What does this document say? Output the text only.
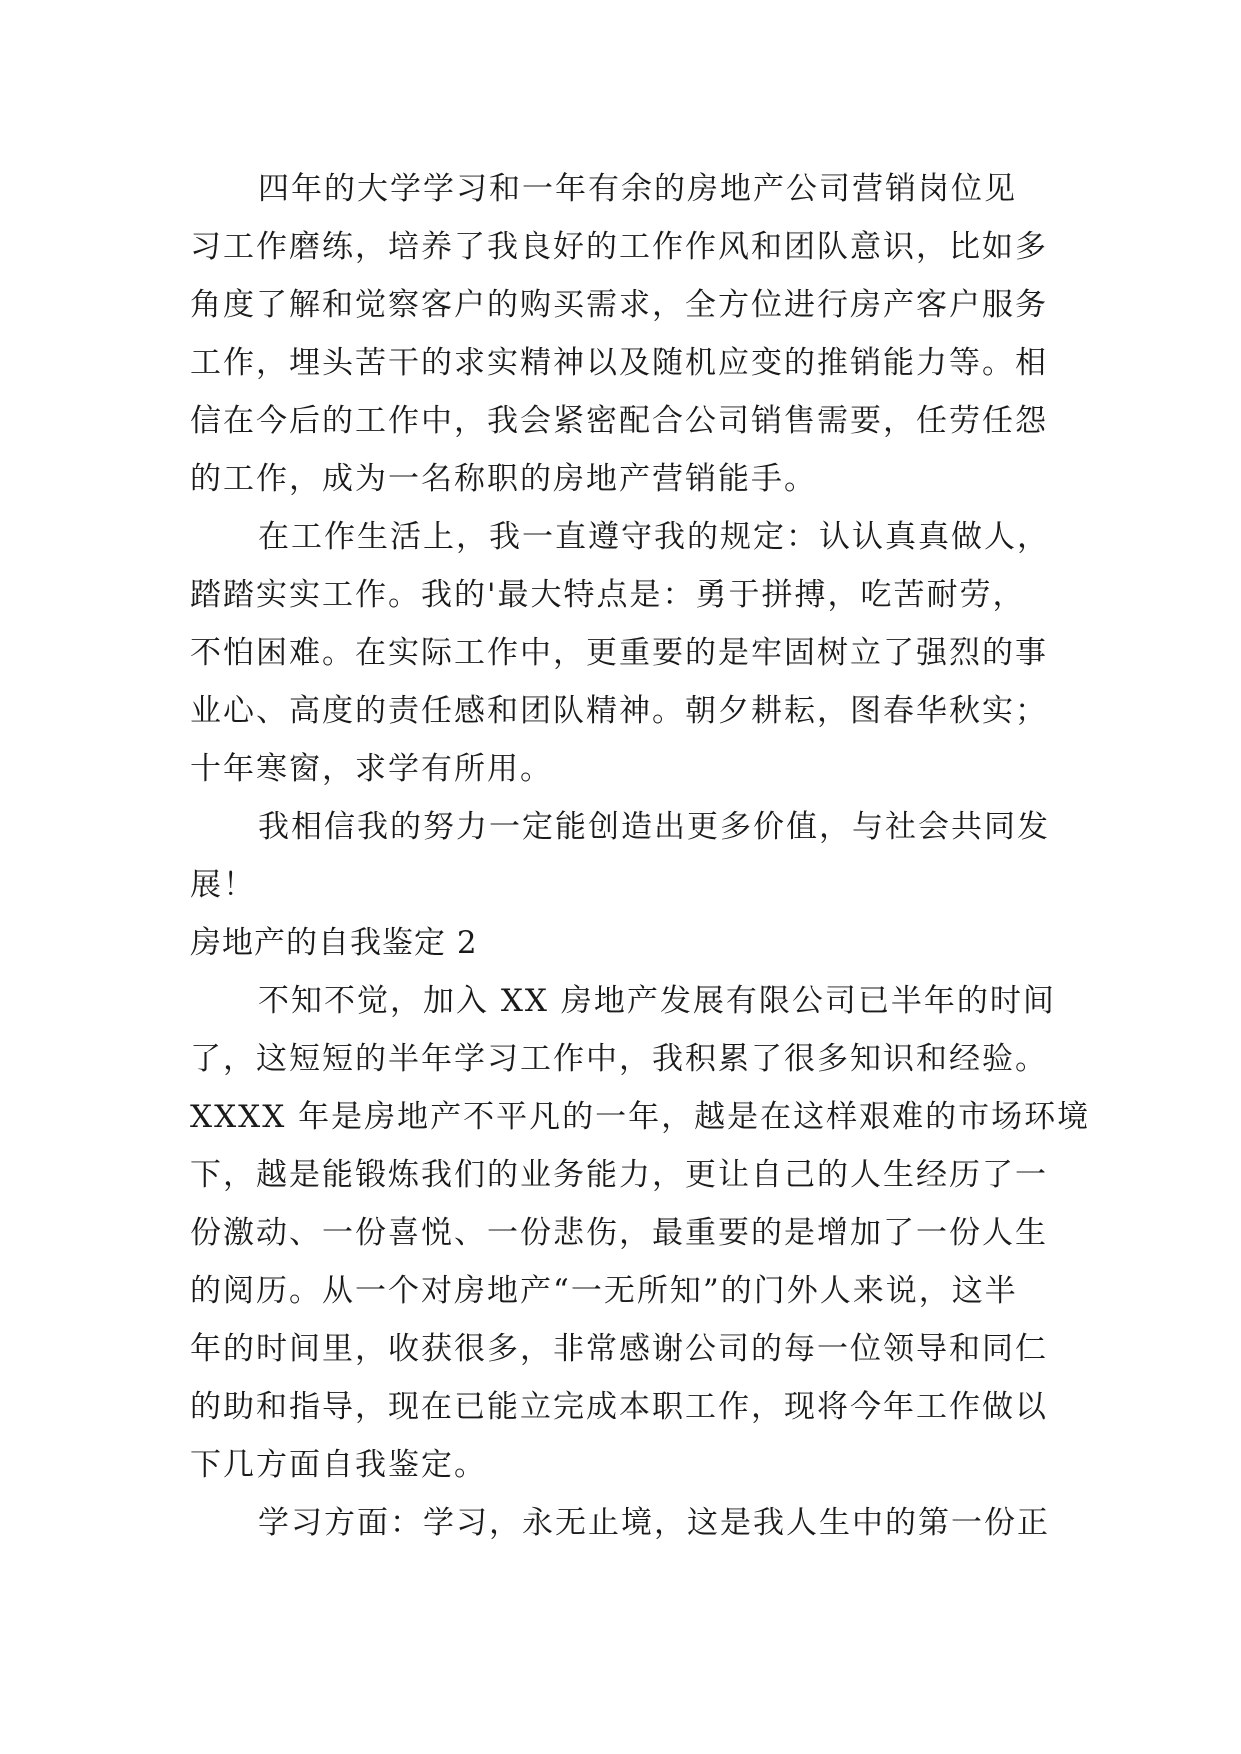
四年的大学学习和一年有余的房地产公司营销岗位见
习工作磨练，培养了我良好的工作作风和团队意识，比如多
角度了解和觉察客户的购买需求，全方位进行房产客户服务
工作，埋头苦干的求实精神以及随机应变的推销能力等。相
信在今后的工作中，我会紧密配合公司销售需要，任劳任怨
的工作，成为一名称职的房地产营销能手。
在工作生活上，我一直遵守我的规定：认认真真做人，
踏踏实实工作。我的'最大特点是：勇于拼搏，吃苦耐劳，
不怕困难。在实际工作中，更重要的是牢固树立了强烈的事
业心、高度的责任感和团队精神。朝夕耕耘，图春华秋实；
十年寒窗，求学有所用。
我相信我的努力一定能创造出更多价值，与社会共同发
展！
房地产的自我鉴定 2
不知不觉，加入 XX 房地产发展有限公司已半年的时间
了，这短短的半年学习工作中，我积累了很多知识和经验。
XXXX 年是房地产不平凡的一年，越是在这样艰难的市场环境
下，越是能锻炼我们的业务能力，更让自己的人生经历了一
份激动、一份喜悦、一份悲伤，最重要的是增加了一份人生
的阅历。从一个对房地产“一无所知”的门外人来说，这半
年的时间里，收获很多，非常感谢公司的每一位领导和同仁
的助和指导，现在已能立完成本职工作，现将今年工作做以
下几方面自我鉴定。
学习方面：学习，永无止境，这是我人生中的第一份正
